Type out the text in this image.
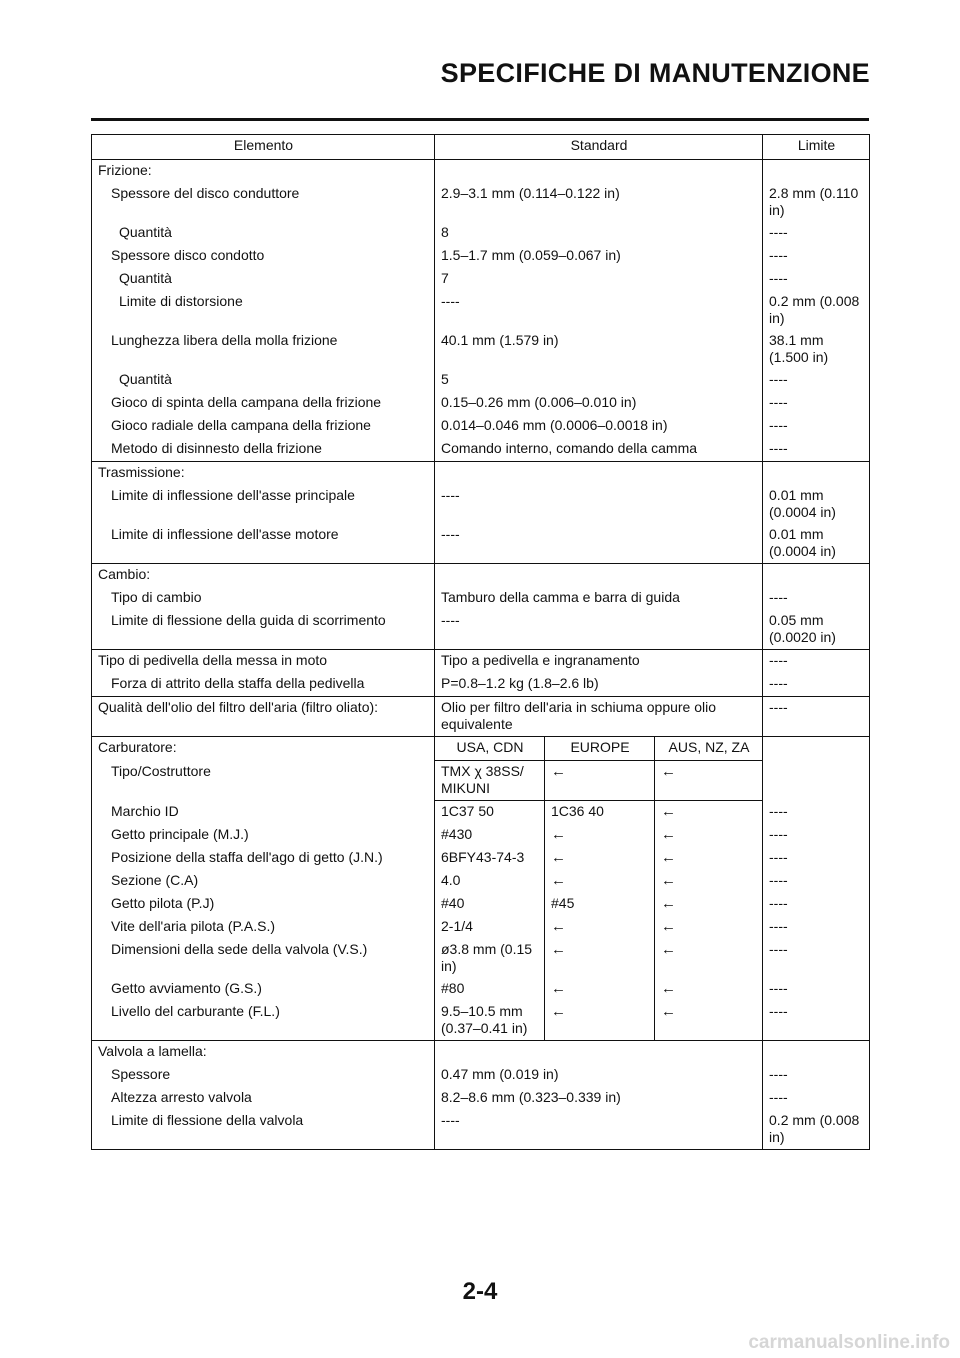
SPECIFICHE DI MANUTENZIONE
Elemento	Standard			Limite
Frizione:				
Spessore del disco conduttore	2.9–3.1 mm (0.114–0.122 in)			2.8 mm (0.110 in)
Quantità	8			----
Spessore disco condotto	1.5–1.7 mm (0.059–0.067 in)			----
Quantità	7			----
Limite di distorsione	----			0.2 mm (0.008 in)
Lunghezza libera della molla frizione	40.1 mm (1.579 in)			38.1 mm (1.500 in)
Quantità	5			----
Gioco di spinta della campana della frizione	0.15–0.26 mm (0.006–0.010 in)			----
Gioco radiale della campana della frizione	0.014–0.046 mm (0.0006–0.0018 in)			----
Metodo di disinnesto della frizione	Comando interno, comando della camma			----
Trasmissione:				
Limite di inflessione dell'asse principale	----			0.01 mm (0.0004 in)
Limite di inflessione dell'asse motore	----			0.01 mm (0.0004 in)
Cambio:				
Tipo di cambio	Tamburo della camma e barra di guida			----
Limite di flessione della guida di scorrimento	----			0.05 mm (0.0020 in)
Tipo di pedivella della messa in moto	Tipo a pedivella e ingranamento			----
Forza di attrito della staffa della pedivella	P=0.8–1.2 kg (1.8–2.6 lb)			----
Qualità dell'olio del filtro dell'aria (filtro oliato):	Olio per filtro dell'aria in schiuma oppure olio equivalente			----
Carburatore:	USA, CDN	EUROPE	AUS, NZ, ZA	
Tipo/Costruttore	TMX χ 38SS/ MIKUNI	←	←	
Marchio ID	1C37 50	1C36 40	←	----
Getto principale (M.J.)	#430	←	←	----
Posizione della staffa dell'ago di getto (J.N.)	6BFY43-74-3	←	←	----
Sezione (C.A)	4.0	←	←	----
Getto pilota (P.J)	#40	#45	←	----
Vite dell'aria pilota (P.A.S.)	2-1/4	←	←	----
Dimensioni della sede della valvola (V.S.)	ø3.8 mm (0.15 in)	←	←	----
Getto avviamento (G.S.)	#80	←	←	----
Livello del carburante (F.L.)	9.5–10.5 mm (0.37–0.41 in)	←	←	----
Valvola a lamella:				
Spessore	0.47 mm (0.019 in)			----
Altezza arresto valvola	8.2–8.6 mm (0.323–0.339 in)			----
Limite di flessione della valvola	----			0.2 mm (0.008 in)
2-4
carmanualsonline.info
